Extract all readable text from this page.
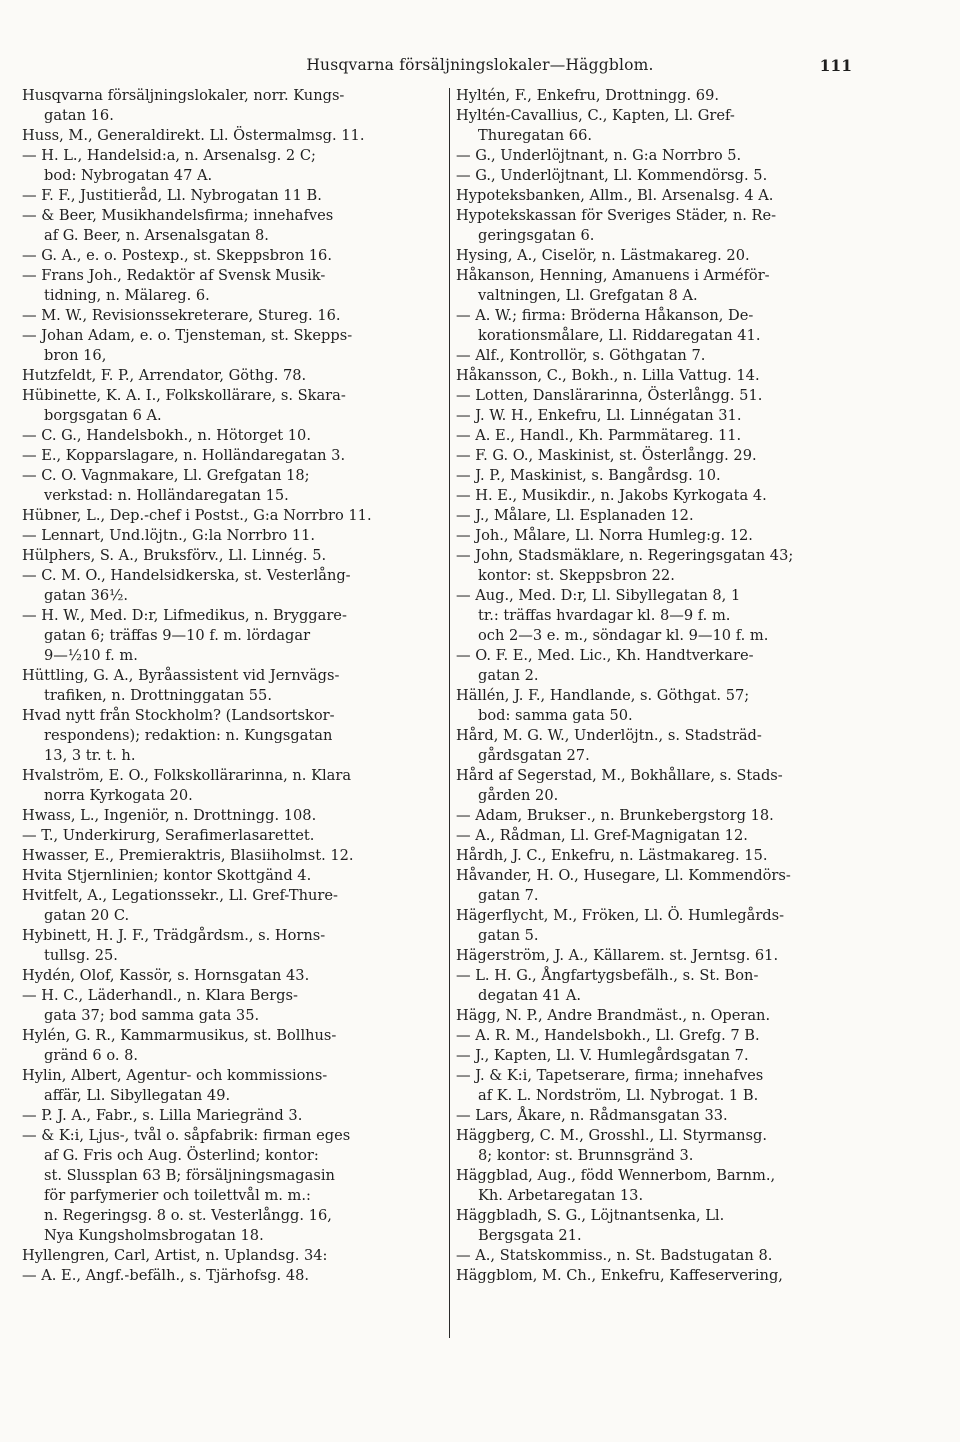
Husqvarna försäljningslokaler—Häggblom.	111
Husqvarna försäljningslokaler, norr. Kungs-
gatan 16.
Huss, M., Generaldirekt. Ll. Östermalmsg. 11.
— H. L., Handelsid:a, n. Arsenalsg. 2 C;
bod: Nybrogatan 47 A.
— F. F., Justitieråd, Ll. Nybrogatan 11 B.
— & Beer, Musikhandelsfirma; innehafves
af G. Beer, n. Arsenalsgatan 8.
— G. A., e. o. Postexp., st. Skeppsbron 16.
— Frans Joh., Redaktör af Svensk Musik-
tidning, n. Mälareg. 6.
— M. W., Revisionssekreterare, Stureg. 16.
— Johan Adam, e. o. Tjensteman, st. Skepps-
bron 16,
Hutzfeldt, F. P., Arrendator, Göthg. 78.
Hübinette, K. A. I., Folkskollärare, s. Skara-
borgsgatan 6 A.
— C. G., Handelsbokh., n. Hötorget 10.
— E., Kopparslagare, n. Holländaregatan 3.
— C. O. Vagnmakare, Ll. Grefgatan 18;
verkstad: n. Holländaregatan 15.
Hübner, L., Dep.-chef i Postst., G:a Norrbro 11.
— Lennart, Und.löjtn., G:la Norrbro 11.
Hülphers, S. A., Bruksförv., Ll. Linnég. 5.
— C. M. O., Handelsidkerska, st. Vesterlång-
gatan 36½.
— H. W., Med. D:r, Lifmedikus, n. Bryggare-
gatan 6; träffas 9—10 f. m. lördagar
9—½10 f. m.
Hüttling, G. A., Byråassistent vid Jernvägs-
trafiken, n. Drottninggatan 55.
Hvad nytt från Stockholm? (Landsortskor-
respondens); redaktion: n. Kungsgatan
13, 3 tr. t. h.
Hvalström, E. O., Folkskollärarinna, n. Klara
norra Kyrkogata 20.
Hwass, L., Ingeniör, n. Drottningg. 108.
— T., Underkirurg, Serafimerlasarettet.
Hwasser, E., Premieraktris, Blasiiholmst. 12.
Hvita Stjernlinien; kontor Skottgänd 4.
Hvitfelt, A., Legationssekr., Ll. Gref-Thure-
gatan 20 C.
Hybinett, H. J. F., Trädgårdsm., s. Horns-
tullsg. 25.
Hydén, Olof, Kassör, s. Hornsgatan 43.
— H. C., Läderhandl., n. Klara Bergs-
gata 37; bod samma gata 35.
Hylén, G. R., Kammarmusikus, st. Bollhus-
gränd 6 o. 8.
Hylin, Albert, Agentur- och kommissions-
affär, Ll. Sibyllegatan 49.
— P. J. A., Fabr., s. Lilla Mariegränd 3.
— & K:i, Ljus-, tvål o. såpfabrik: firman eges
af G. Fris och Aug. Österlind; kontor:
st. Slussplan 63 B; försäljningsmagasin
för parfymerier och toilettvål m. m.:
n. Regeringsg. 8 o. st. Vesterlångg. 16,
Nya Kungsholmsbrogatan 18.
Hyllengren, Carl, Artist, n. Uplandsg. 34:
— A. E., Angf.-befälh., s. Tjärhofsg. 48.
Hyltén, F., Enkefru, Drottningg. 69.
Hyltén-Cavallius, C., Kapten, Ll. Gref-
Thuregatan 66.
— G., Underlöjtnant, n. G:a Norrbro 5.
— G., Underlöjtnant, Ll. Kommendörsg. 5.
Hypoteksbanken, Allm., Bl. Arsenalsg. 4 A.
Hypotekskassan för Sveriges Städer, n. Re-
geringsgatan 6.
Hysing, A., Ciselör, n. Lästmakareg. 20.
Håkanson, Henning, Amanuens i Arméför-
valtningen, Ll. Grefgatan 8 A.
— A. W.; firma: Bröderna Håkanson, De-
korationsmålare, Ll. Riddaregatan 41.
— Alf., Kontrollör, s. Göthgatan 7.
Håkansson, C., Bokh., n. Lilla Vattug. 14.
— Lotten, Danslärarinna, Österlångg. 51.
— J. W. H., Enkefru, Ll. Linnégatan 31.
— A. E., Handl., Kh. Parmmätareg. 11.
— F. G. O., Maskinist, st. Österlångg. 29.
— J. P., Maskinist, s. Bangårdsg. 10.
— H. E., Musikdir., n. Jakobs Kyrkogata 4.
— J., Målare, Ll. Esplanaden 12.
— Joh., Målare, Ll. Norra Humleg:g. 12.
— John, Stadsmäklare, n. Regeringsgatan 43;
kontor: st. Skeppsbron 22.
— Aug., Med. D:r, Ll. Sibyllegatan 8, 1
tr.: träffas hvardagar kl. 8—9 f. m.
och 2—3 e. m., söndagar kl. 9—10 f. m.
— O. F. E., Med. Lic., Kh. Handtverkare-
gatan 2.
Hällén, J. F., Handlande, s. Göthgat. 57;
bod: samma gata 50.
Hård, M. G. W., Underlöjtn., s. Stadsträd-
gårdsgatan 27.
Hård af Segerstad, M., Bokhållare, s. Stads-
gården 20.
— Adam, Bruksег., n. Brunkebergstorg 18.
— A., Rådman, Ll. Gref-Magnigatan 12.
Hårdh, J. C., Enkefru, n. Lästmakareg. 15.
Håvander, H. O., Husegare, Ll. Kommendörs-
gatan 7.
Hägerflycht, M., Fröken, Ll. Ö. Humlegårds-
gatan 5.
Hägerström, J. A., Källarem. st. Jerntsg. 61.
— L. H. G., Ångfartygsbefälh., s. St. Bon-
degatan 41 A.
Hägg, N. P., Andre Brandmäst., n. Operan.
— A. R. M., Handelsbokh., Ll. Grefg. 7 B.
— J., Kapten, Ll. V. Humlegårdsgatan 7.
— J. & K:i, Tapetserare, firma; innehafves
af K. L. Nordström, Ll. Nybrogat. 1 B.
— Lars, Åkare, n. Rådmansgatan 33.
Häggberg, C. M., Grosshl., Ll. Styrmansg.
8; kontor: st. Brunnsgränd 3.
Häggblad, Aug., född Wennerbom, Barnm.,
Kh. Arbetaregatan 13.
Häggbladh, S. G., Löjtnantsenka, Ll.
Bergsgata 21.
— A., Statskommiss., n. St. Badstugatan 8.
Häggblom, M. Ch., Enkefru, Kaffeservering,
